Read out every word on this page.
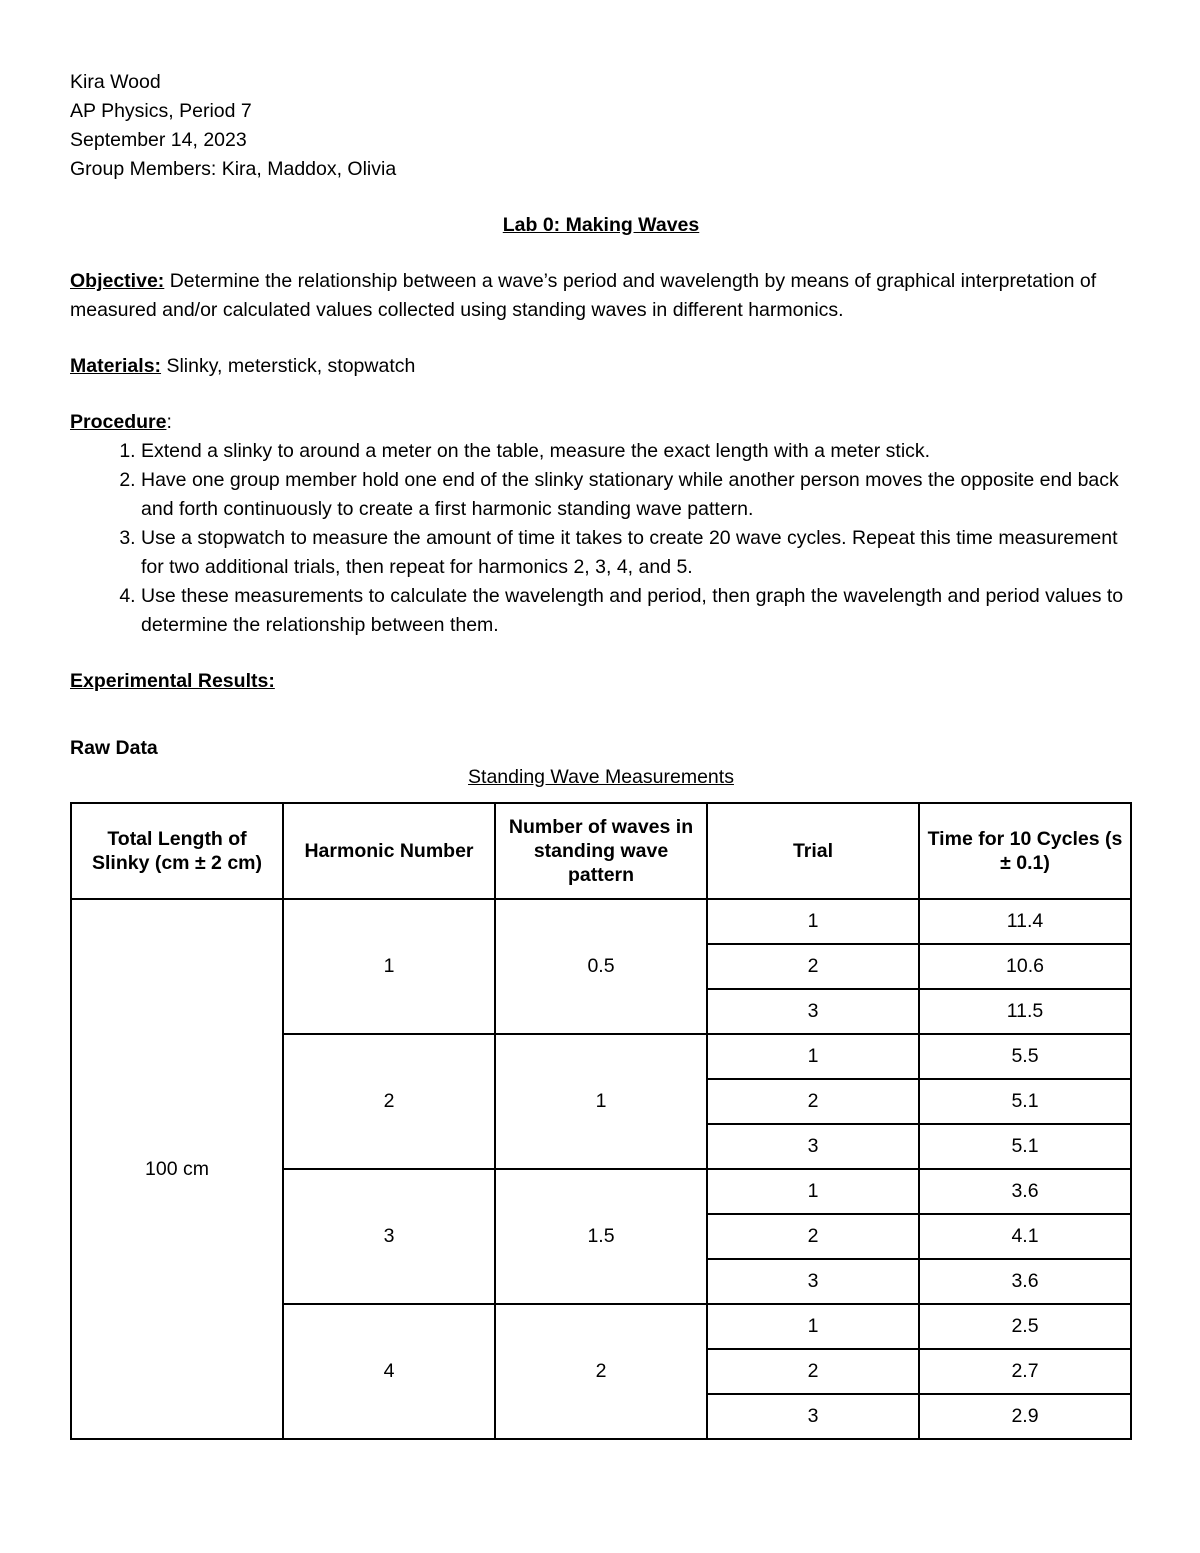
Kira Wood
AP Physics, Period 7
September 14, 2023
Group Members: Kira, Maddox, Olivia
Lab 0: Making Waves
Objective: Determine the relationship between a wave’s period and wavelength by means of graphical interpretation of measured and/or calculated values collected using standing waves in different harmonics.
Materials: Slinky, meterstick, stopwatch
Procedure:
1. Extend a slinky to around a meter on the table, measure the exact length with a meter stick.
2. Have one group member hold one end of the slinky stationary while another person moves the opposite end back and forth continuously to create a first harmonic standing wave pattern.
3. Use a stopwatch to measure the amount of time it takes to create 20 wave cycles. Repeat this time measurement for two additional trials, then repeat for harmonics 2, 3, 4, and 5.
4. Use these measurements to calculate the wavelength and period, then graph the wavelength and period values to determine the relationship between them.
Experimental Results:
Raw Data
Standing Wave Measurements
Total Length of Slinky (cm ± 2 cm)	Harmonic Number	Number of waves in standing wave pattern	Trial	Time for 10 Cycles (s ± 0.1)
100 cm	1	0.5	1	11.4
			2	10.6
			3	11.5
	2	1	1	5.5
			2	5.1
			3	5.1
	3	1.5	1	3.6
			2	4.1
			3	3.6
	4	2	1	2.5
			2	2.7
			3	2.9
